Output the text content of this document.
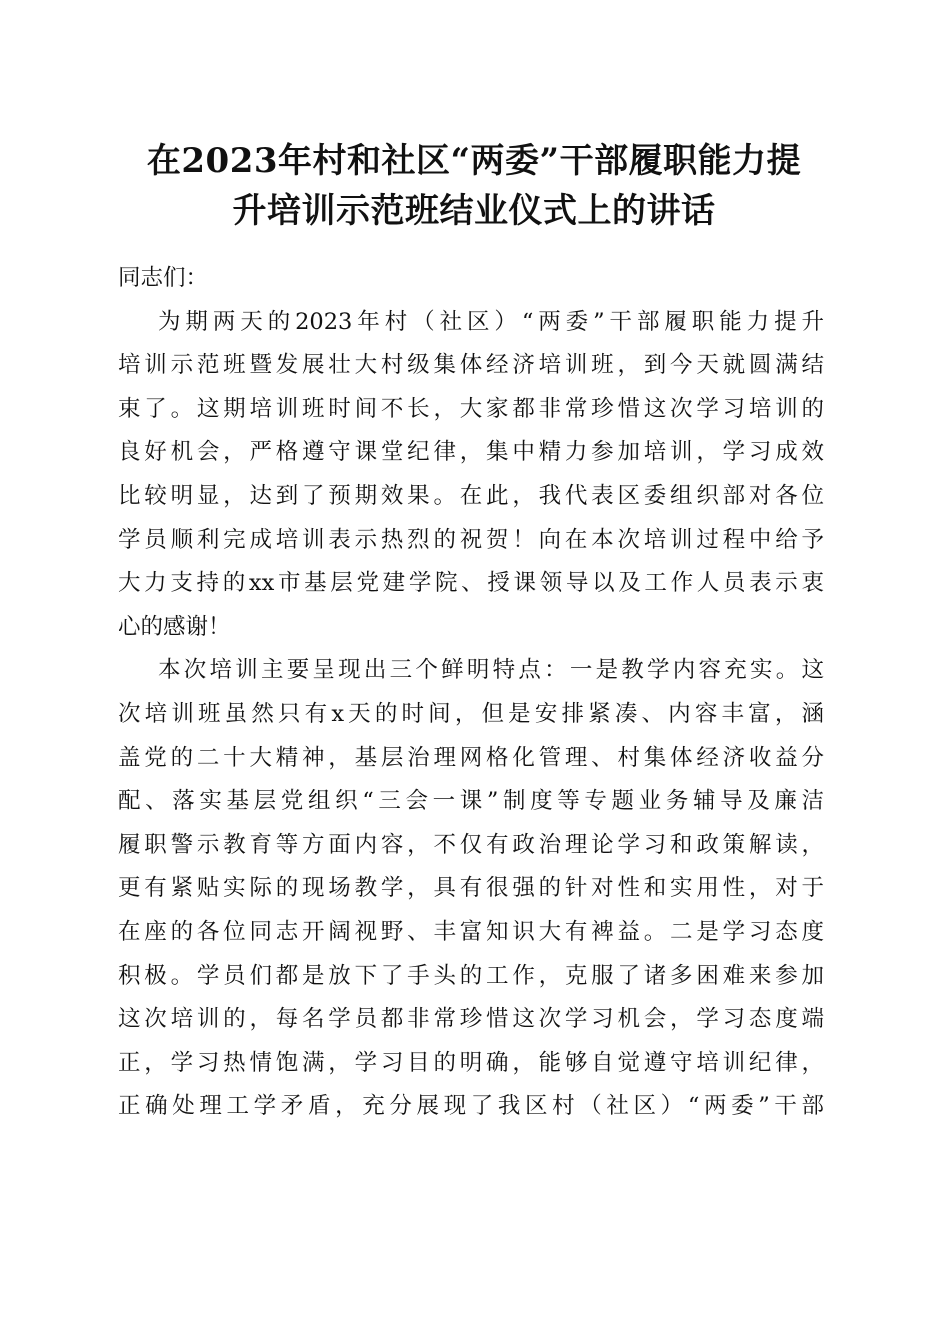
在2023年村和社区“两委”干部履职能力提
升培训示范班结业仪式上的讲话

同志们：

为期两天的2023年村（社区）“两委”干部履职能力提升
培训示范班暨发展壮大村级集体经济培训班，到今天就圆满结
束了。这期培训班时间不长，大家都非常珍惜这次学习培训的
良好机会，严格遵守课堂纪律，集中精力参加培训，学习成效
比较明显，达到了预期效果。在此，我代表区委组织部对各位
学员顺利完成培训表示热烈的祝贺！向在本次培训过程中给予
大力支持的xx市基层党建学院、授课领导以及工作人员表示衷
心的感谢！

本次培训主要呈现出三个鲜明特点：一是教学内容充实。这
次培训班虽然只有x天的时间，但是安排紧凑、内容丰富，涵
盖党的二十大精神，基层治理网格化管理、村集体经济收益分
配、落实基层党组织“三会一课”制度等专题业务辅导及廉洁
履职警示教育等方面内容，不仅有政治理论学习和政策解读，
更有紧贴实际的现场教学，具有很强的针对性和实用性，对于
在座的各位同志开阔视野、丰富知识大有裨益。二是学习态度
积极。学员们都是放下了手头的工作，克服了诸多困难来参加
这次培训的，每名学员都非常珍惜这次学习机会，学习态度端
正，学习热情饱满，学习目的明确，能够自觉遵守培训纪律，
正确处理工学矛盾，充分展现了我区村（社区）“两委”干部
